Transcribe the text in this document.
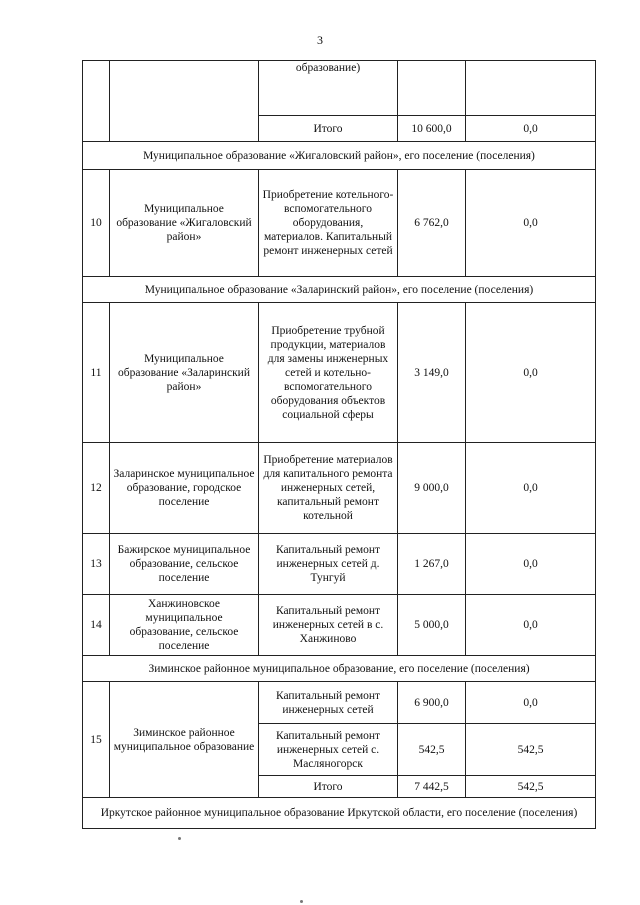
3
		образование)		
		Итого	10 600,0	0,0
Муниципальное образование «Жигаловский район», его поселение (поселения)				
10	Муниципальное образование «Жигаловский район»	Приобретение котельного-вспомогательного оборудования, материалов. Капитальный ремонт инженерных сетей	6 762,0	0,0
Муниципальное образование «Заларинский район», его поселение (поселения)				
11	Муниципальное образование «Заларинский район»	Приобретение трубной продукции, материалов для замены инженерных сетей и котельно-вспомогательного оборудования объектов социальной сферы	3 149,0	0,0
12	Заларинское муниципальное образование, городское поселение	Приобретение материалов для капитального ремонта инженерных сетей, капитальный ремонт котельной	9 000,0	0,0
13	Бажирское муниципальное образование, сельское поселение	Капитальный ремонт инженерных сетей д. Тунгуй	1 267,0	0,0
14	Ханжиновское муниципальное образование, сельское поселение	Капитальный ремонт инженерных сетей в с. Ханжиново	5 000,0	0,0
Зиминское районное муниципальное образование, его поселение (поселения)				
15	Зиминское районное муниципальное образование	Капитальный ремонт инженерных сетей	6 900,0	0,0
		Капитальный ремонт инженерных сетей с. Масляногорск	542,5	542,5
		Итого	7 442,5	542,5
Иркутское районное муниципальное образование Иркутской области, его поселение (поселения)				
